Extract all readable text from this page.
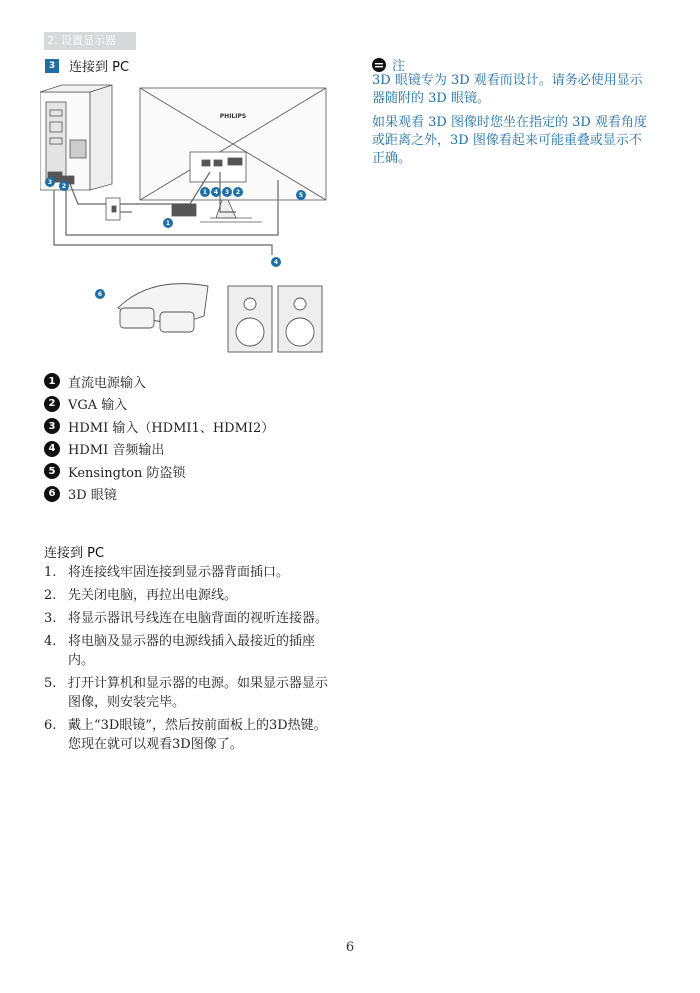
2. 设置显示器
3 连接到 PC
PHILIPS
3
2
1 4 3 2	5
1
4
6
1 直流电源输入
2 VGA 输入
3 HDMI 输入（HDMI1、HDMI2）
4 HDMI 音频输出
5 Kensington 防盗锁
6 3D 眼镜
连接到 PC
1. 将连接线牢固连接到显示器背面插口。
2. 先关闭电脑，再拉出电源线。
3. 将显示器讯号线连在电脑背面的视听连接器。
4. 将电脑及显示器的电源线插入最接近的插座内。
5. 打开计算机和显示器的电源。如果显示器显示图像，则安装完毕。
6. 戴上“3D眼镜”，然后按前面板上的3D热键。您现在就可以观看3D图像了。
注

3D 眼镜专为 3D 观看而设计。请务必使用显示器随附的 3D 眼镜。

如果观看 3D 图像时您坐在指定的 3D 观看角度或距离之外，3D 图像看起来可能重叠或显示不正确。

6
